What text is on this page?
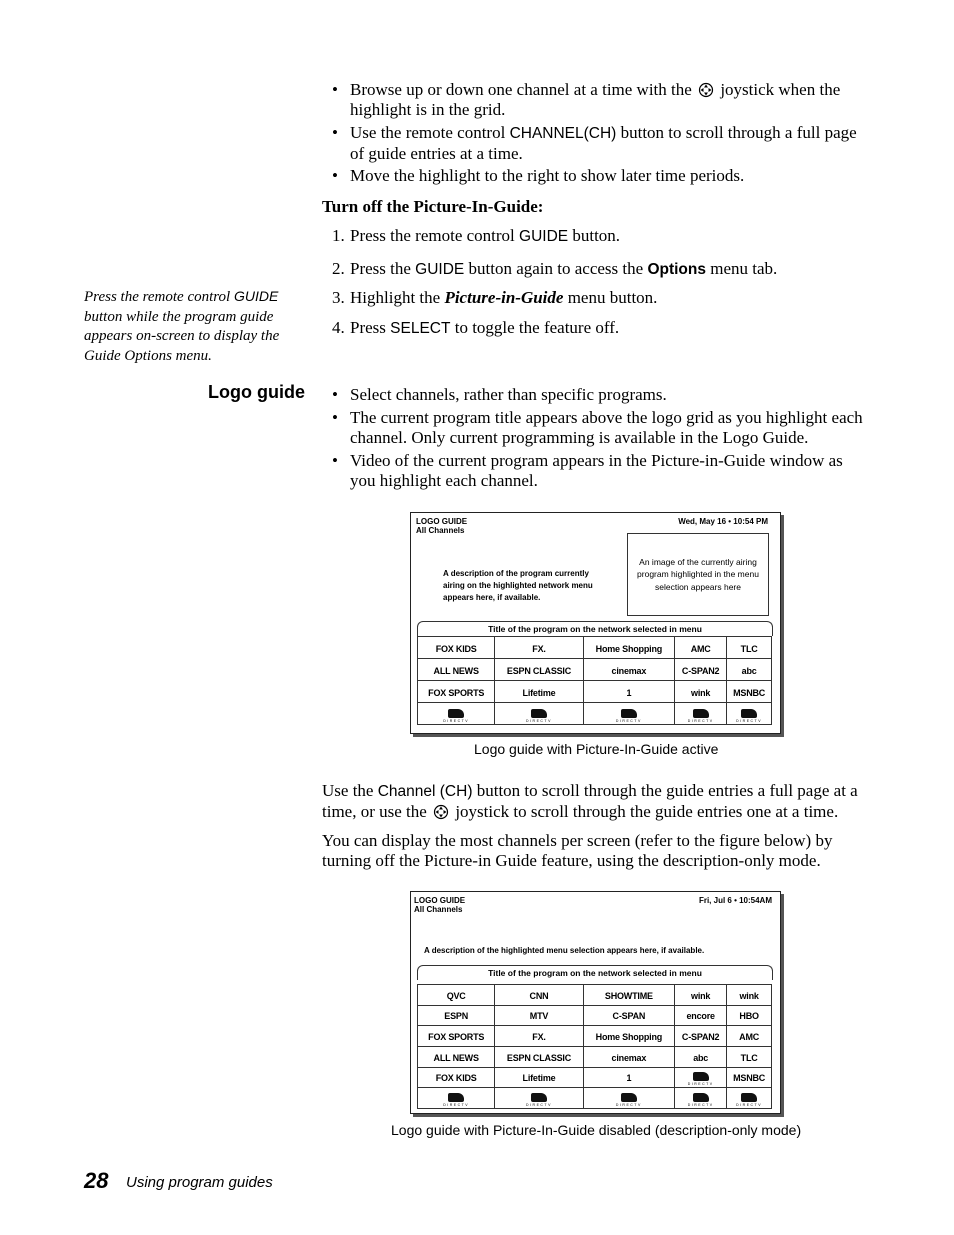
• Browse up or down one channel at a time with the joystick when the highlight is in the grid.
• Use the remote control CHANNEL(CH) button to scroll through a full page of guide entries at a time.
• Move the highlight to the right to show later time periods.
Turn off the Picture-In-Guide:
1. Press the remote control GUIDE button.
2. Press the GUIDE button again to access the Options menu tab.
3. Highlight the Picture-in-Guide menu button.
4. Press SELECT to toggle the feature off.
Press the remote control GUIDE button while the program guide appears on-screen to display the Guide Options menu.
Logo guide • Select channels, rather than specific programs.
• The current program title appears above the logo grid as you highlight each channel. Only current programming is available in the Logo Guide.
• Video of the current program appears in the Picture-in-Guide window as you highlight each channel.
LOGO GUIDE
All Channels
Wed, May 16 • 10:54 PM
A description of the program currently airing on the highlighted network menu appears here, if available.
An image of the currently airing program highlighted in the menu selection appears here
Title of the program on the network selected in menu
FOX KIDS	FX.	Home Shopping	AMC	TLC
ALL NEWS	ESPN CLASSIC	cinemax	C-SPAN2	abc
FOX SPORTS	Lifetime	1	wink	MSNBC

DIRECTV	DIRECTV	DIRECTV	DIRECTV	DIRECTV
Logo guide with Picture-In-Guide active
Use the Channel (CH) button to scroll through the guide entries a full page at a time, or use the joystick to scroll through the guide entries one at a time.
You can display the most channels per screen (refer to the figure below) by turning off the Picture-in Guide feature, using the description-only mode.
LOGO GUIDE
All Channels
Fri, Jul 6 • 10:54AM
A description of the highlighted menu selection appears here, if available.
Title of the program on the network selected in menu
QVC	CNN	SHOWTIME	wink	wink
ESPN	MTV	C-SPAN	encore	HBO
FOX SPORTS	FX.	Home Shopping	C-SPAN2	AMC
ALL NEWS	ESPN CLASSIC	cinemax	abc	TLC
FOX KIDS	Lifetime	1	DIRECTV	MSNBC

DIRECTV	DIRECTV	DIRECTV	DIRECTV	DIRECTV
Logo guide with Picture-In-Guide disabled (description-only mode)
28 Using program guides
